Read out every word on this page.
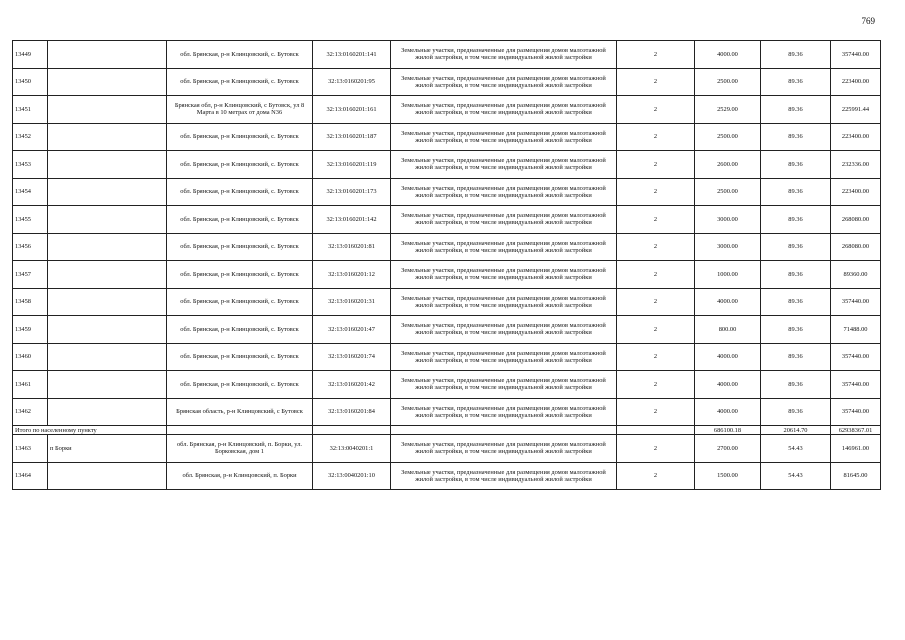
769
13449		обл. Брянская, р-н Клинцовский, с. Бутовск	32:13:0160201:141	Земельные участки, предназначенные для размещения домов малоэтажной жилой застройки, в том числе индивидуальной жилой застройки	2	4000.00	89.36	357440.00
13450		обл. Брянская, р-н Клинцовский, с. Бутовск	32:13:0160201:95	Земельные участки, предназначенные для размещения домов малоэтажной жилой застройки, в том числе индивидуальной жилой застройки	2	2500.00	89.36	223400.00
13451		Брянская обл, р-н Клинцовский, с Бутовск, ул 8 Марта в 10 метрах от дома N36	32:13:0160201:161	Земельные участки, предназначенные для размещения домов малоэтажной жилой застройки, в том числе индивидуальной жилой застройки	2	2529.00	89.36	225991.44
13452		обл. Брянская, р-н Клинцовский, с. Бутовск	32:13:0160201:187	Земельные участки, предназначенные для размещения домов малоэтажной жилой застройки, в том числе индивидуальной жилой застройки	2	2500.00	89.36	223400.00
13453		обл. Брянская, р-н Клинцовский, с. Бутовск	32:13:0160201:119	Земельные участки, предназначенные для размещения домов малоэтажной жилой застройки, в том числе индивидуальной жилой застройки	2	2600.00	89.36	232336.00
13454		обл. Брянская, р-н Клинцовский, с. Бутовск	32:13:0160201:173	Земельные участки, предназначенные для размещения домов малоэтажной жилой застройки, в том числе индивидуальной жилой застройки	2	2500.00	89.36	223400.00
13455		обл. Брянская, р-н Клинцовский, с. Бутовск	32:13:0160201:142	Земельные участки, предназначенные для размещения домов малоэтажной жилой застройки, в том числе индивидуальной жилой застройки	2	3000.00	89.36	268080.00
13456		обл. Брянская, р-н Клинцовский, с. Бутовск	32:13:0160201:81	Земельные участки, предназначенные для размещения домов малоэтажной жилой застройки, в том числе индивидуальной жилой застройки	2	3000.00	89.36	268080.00
13457		обл. Брянская, р-н Клинцовский, с. Бутовск	32:13:0160201:12	Земельные участки, предназначенные для размещения домов малоэтажной жилой застройки, в том числе индивидуальной жилой застройки	2	1000.00	89.36	89360.00
13458		обл. Брянская, р-н Клинцовский, с. Бутовск	32:13:0160201:31	Земельные участки, предназначенные для размещения домов малоэтажной жилой застройки, в том числе индивидуальной жилой застройки	2	4000.00	89.36	357440.00
13459		обл. Брянская, р-н Клинцовский, с. Бутовск	32:13:0160201:47	Земельные участки, предназначенные для размещения домов малоэтажной жилой застройки, в том числе индивидуальной жилой застройки	2	800.00	89.36	71488.00
13460		обл. Брянская, р-н Клинцовский, с. Бутовск	32:13:0160201:74	Земельные участки, предназначенные для размещения домов малоэтажной жилой застройки, в том числе индивидуальной жилой застройки	2	4000.00	89.36	357440.00
13461		обл. Брянская, р-н Клинцовский, с. Бутовск	32:13:0160201:42	Земельные участки, предназначенные для размещения домов малоэтажной жилой застройки, в том числе индивидуальной жилой застройки	2	4000.00	89.36	357440.00
13462		Брянская область, р-н Клинцовский, с Бутовск	32:13:0160201:84	Земельные участки, предназначенные для размещения домов малоэтажной жилой застройки, в том числе индивидуальной жилой застройки	2	4000.00	89.36	357440.00
Итого по населенному пункту						686100.18	20614.70	62938367.01
13463	п Борки	обл. Брянская, р-н Клинцовский, п. Борки, ул. Борковская, дом 1	32:13:0040201:1	Земельные участки, предназначенные для размещения домов малоэтажной жилой застройки, в том числе индивидуальной жилой застройки	2	2700.00	54.43	146961.00
13464		обл. Брянская, р-н Клинцовский, п. Борки	32:13:0040201:10	Земельные участки, предназначенные для размещения домов малоэтажной жилой застройки, в том числе индивидуальной жилой застройки	2	1500.00	54.43	81645.00
